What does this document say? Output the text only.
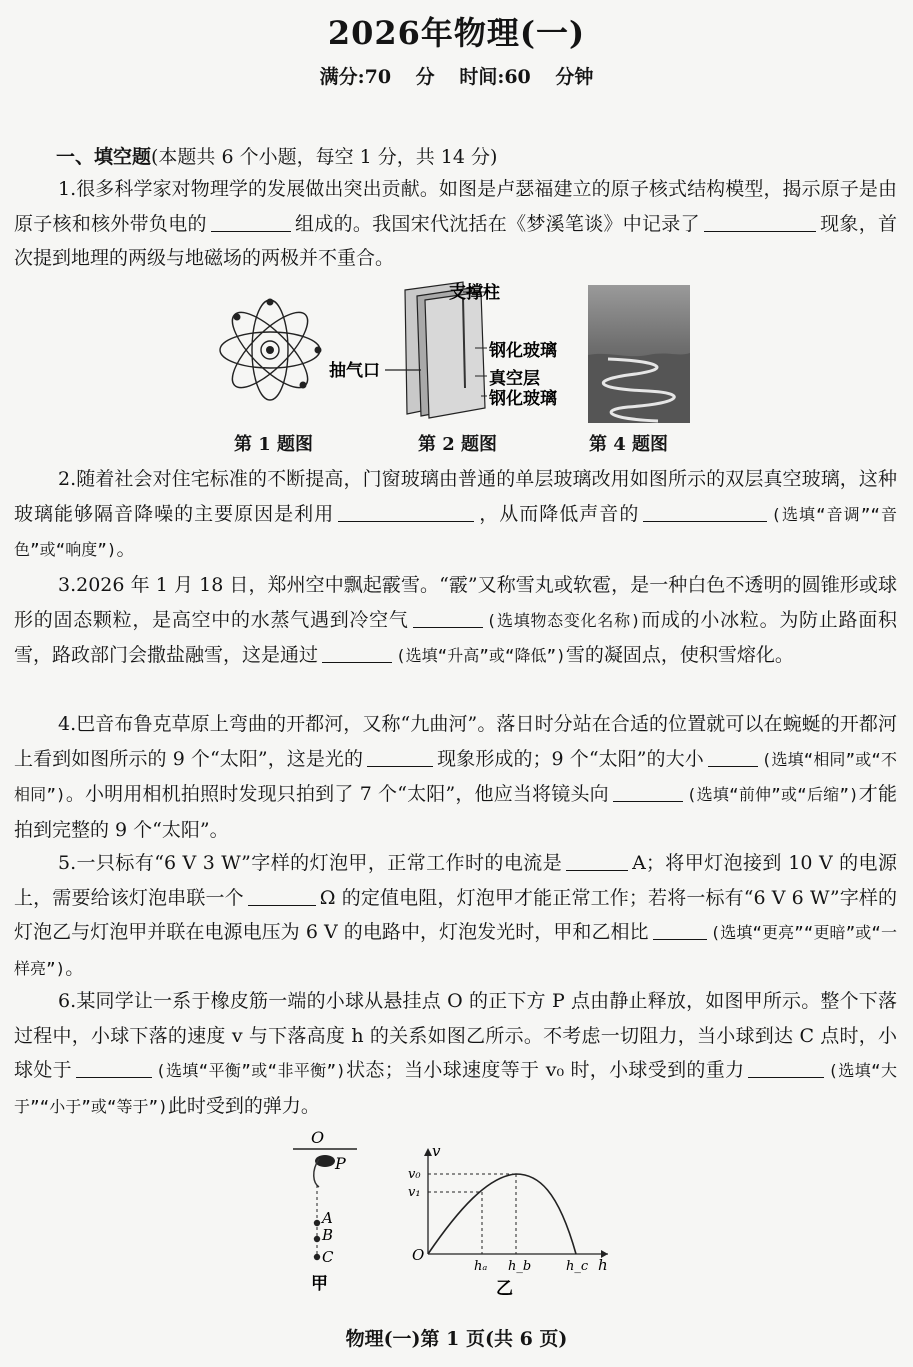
2026年物理(一)
满分:70 分 时间:60 分钟
一、填空题(本题共 6 个小题，每空 1 分，共 14 分)

1.很多科学家对物理学的发展做出突出贡献。如图是卢瑟福建立的原子核式结构模型，揭示原子是由原子核和核外带负电的	组成的。我国宋代沈括在《梦溪笔谈》中记录了	现象，首次提到地理的两级与地磁场的两极并不重合。

支撑柱
钢化玻璃
抽气口	真空层
钢化玻璃
第 1 题图	第 2 题图	第 4 题图

2.随着社会对住宅标准的不断提高，门窗玻璃由普通的单层玻璃改用如图所示的双层真空玻璃，这种玻璃能够隔音降噪的主要原因是利用	，从而降低声音的	(选填“音调”“音色”或“响度”)。

3.2026 年 1 月 18 日，郑州空中飘起霰雪。“霰”又称雪丸或软雹，是一种白色不透明的圆锥形或球形的固态颗粒，是高空中的水蒸气遇到冷空气	(选填物态变化名称)而成的小冰粒。为防止路面积雪，路政部门会撒盐融雪，这是通过	(选填“升高”或“降低”)雪的凝固点，使积雪熔化。

4.巴音布鲁克草原上弯曲的开都河，又称“九曲河”。落日时分站在合适的位置就可以在蜿蜒的开都河上看到如图所示的 9 个“太阳”，这是光的	现象形成的；9 个“太阳”的大小	(选填“相同”或“不相同”)。小明用相机拍照时发现只拍到了 7 个“太阳”，他应当将镜头向	(选填“前伸”或“后缩”)才能拍到完整的 9 个“太阳”。

5.一只标有“6 V 3 W”字样的灯泡甲，正常工作时的电流是	A；将甲灯泡接到 10 V 的电源上，需要给该灯泡串联一个	Ω 的定值电阻，灯泡甲才能正常工作；若将一标有“6 V 6 W”字样的灯泡乙与灯泡甲并联在电源电压为 6 V 的电路中，灯泡发光时，甲和乙相比	(选填“更亮”“更暗”或“一样亮”)。

6.某同学让一系于橡皮筋一端的小球从悬挂点 O 的正下方 P 点由静止释放，如图甲所示。整个下落过程中，小球下落的速度 v 与下落高度 h 的关系如图乙所示。不考虑一切阻力，当小球到达 C 点时，小球处于	(选填“平衡”或“非平衡”)状态；当小球速度等于 v₀ 时，小球受到的重力	(选填“大于”“小于”或“等于”)此时受到的弹力。

O
P
A
B
C
甲
v
v₀
v₁
O
hₐ h_b	h_c h
乙
物理(一)第 1 页(共 6 页)
